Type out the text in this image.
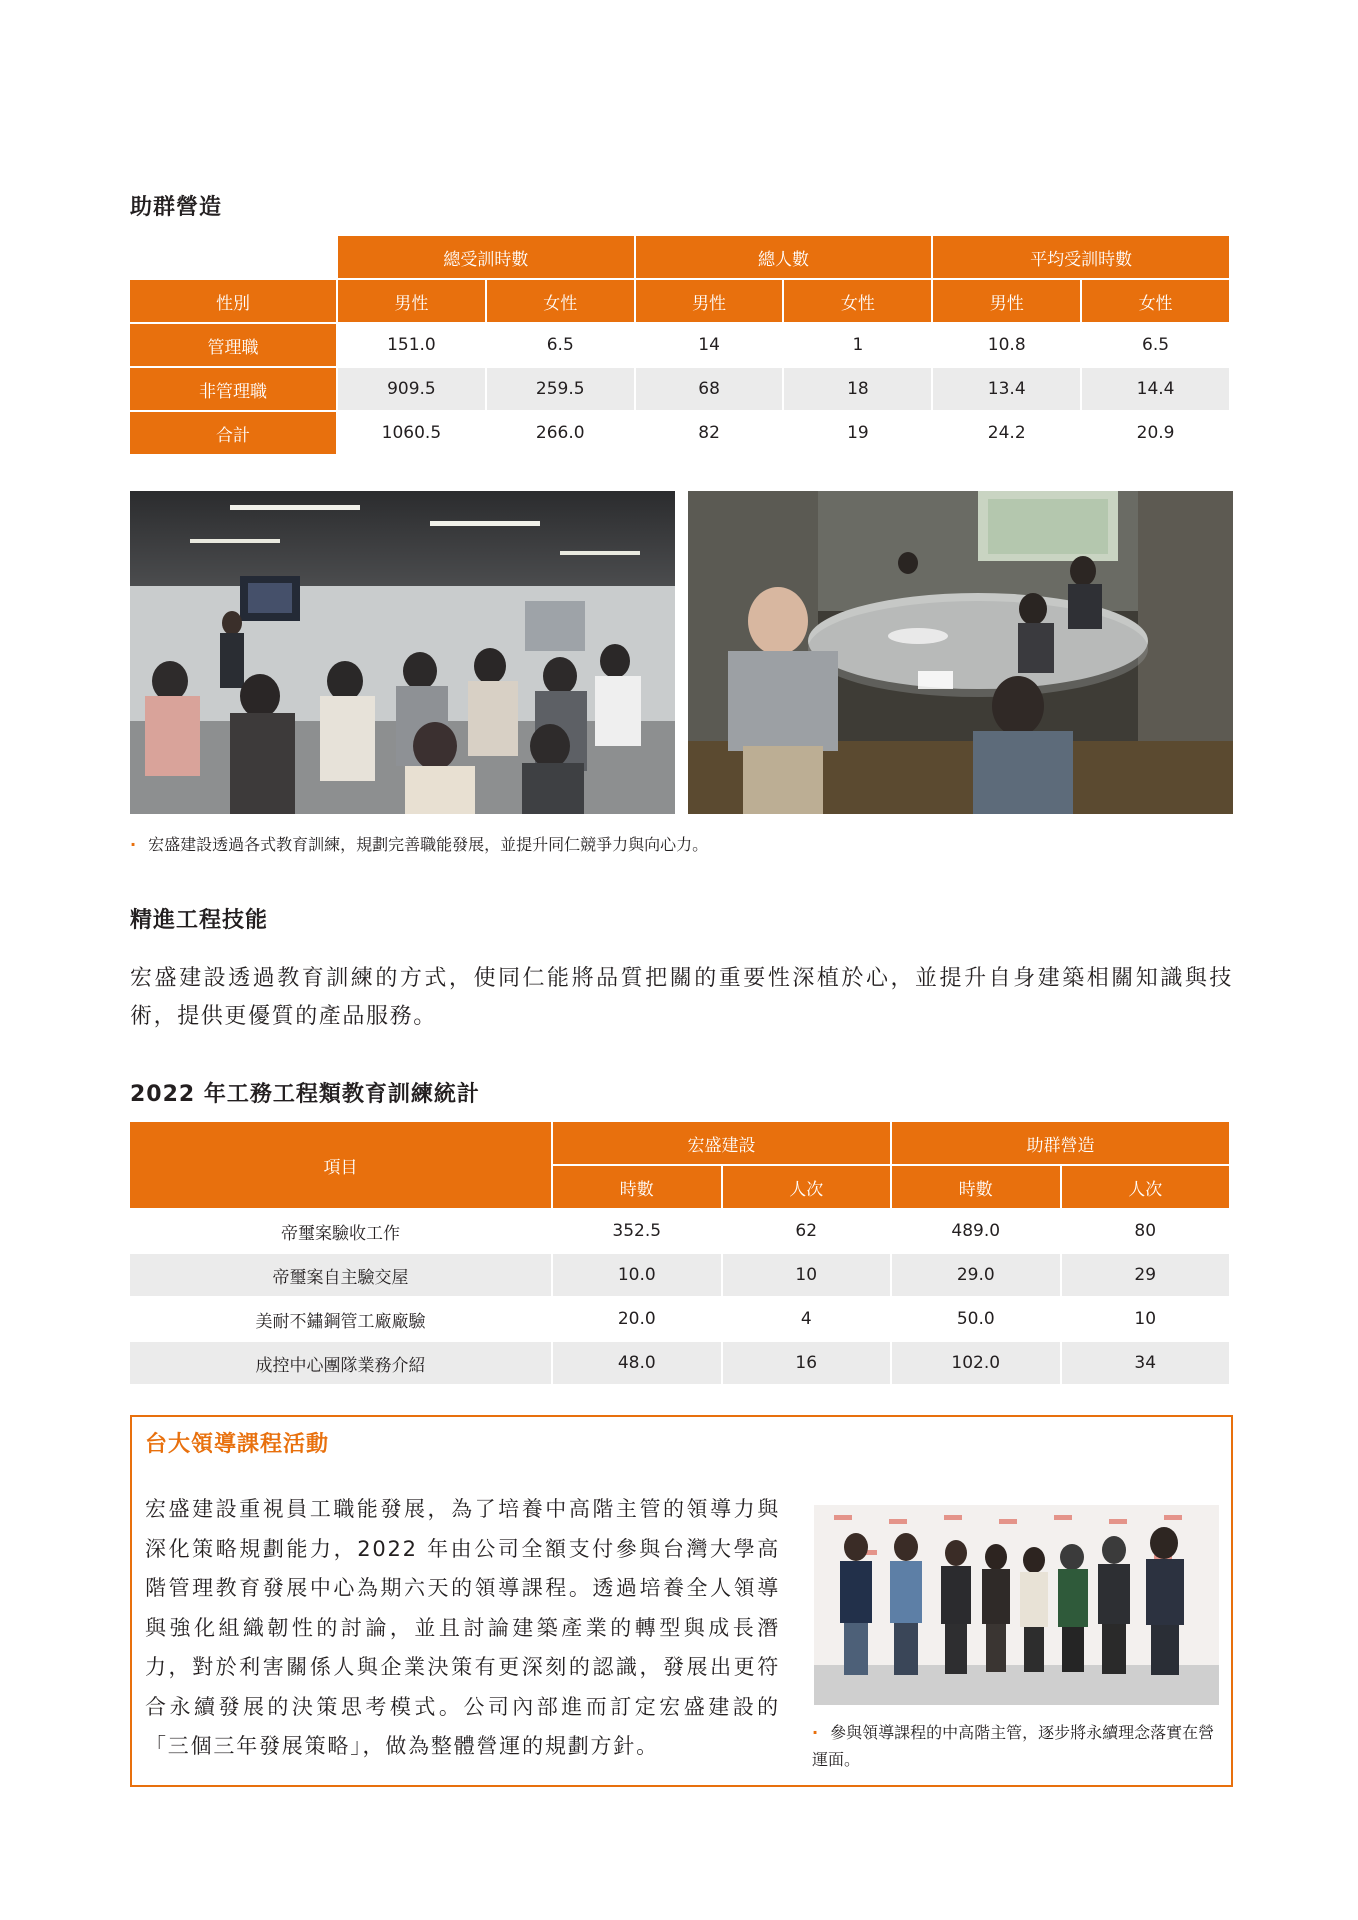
助群營造
	總受訓時數		總人數		平均受訓時數	
性別	男性	女性	男性	女性	男性	女性
管理職	151.0	6.5	14	1	10.8	6.5
非管理職	909.5	259.5	68	18	13.4	14.4
合計	1060.5	266.0	82	19	24.2	20.9
· 宏盛建設透過各式教育訓練，規劃完善職能發展，並提升同仁競爭力與向心力。
精進工程技能
宏盛建設透過教育訓練的方式，使同仁能將品質把關的重要性深植於心，並提升自身建築相關知識與技術，提供更優質的產品服務。
2022 年工務工程類教育訓練統計
項目	宏盛建設		助群營造	
	時數	人次	時數	人次
帝璽案驗收工作	352.5	62	489.0	80
帝璽案自主驗交屋	10.0	10	29.0	29
美耐不鏽鋼管工廠廠驗	20.0	4	50.0	10
成控中心團隊業務介紹	48.0	16	102.0	34
台大領導課程活動
宏盛建設重視員工職能發展，為了培養中高階主管的領導力與深化策略規劃能力，2022 年由公司全額支付參與台灣大學高階管理教育發展中心為期六天的領導課程。透過培養全人領導與強化組織韌性的討論，並且討論建築產業的轉型與成長潛力，對於利害關係人與企業決策有更深刻的認識，發展出更符合永續發展的決策思考模式。公司內部進而訂定宏盛建設的「三個三年發展策略」，做為整體營運的規劃方針。
· 參與領導課程的中高階主管，逐步將永續理念落實在營運面。
